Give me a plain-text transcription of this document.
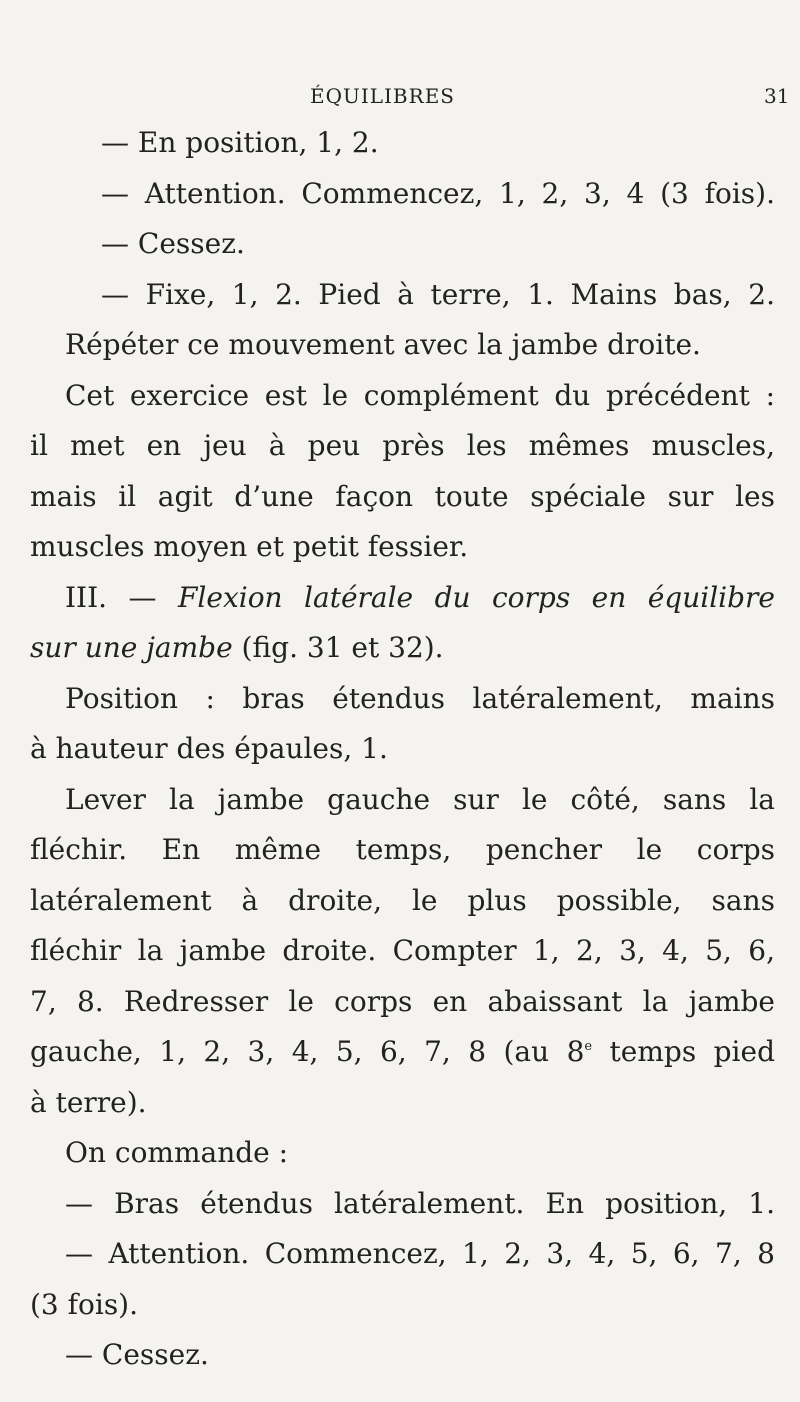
ÉQUILIBRES	31
— En position, 1, 2.
— Attention. Commencez, 1, 2, 3, 4 (3 fois).
— Cessez.
— Fixe, 1, 2. Pied à terre, 1. Mains bas, 2.
Répéter ce mouvement avec la jambe droite.
Cet exercice est le complément du précédent :
il met en jeu à peu près les mêmes muscles,
mais il agit d’une façon toute spéciale sur les
muscles moyen et petit fessier.
III. — Flexion latérale du corps en équilibre
sur une jambe (fig. 31 et 32).
Position : bras étendus latéralement, mains
à hauteur des épaules, 1.
Lever la jambe gauche sur le côté, sans la
fléchir. En même temps, pencher le corps
latéralement à droite, le plus possible, sans
fléchir la jambe droite. Compter 1, 2, 3, 4, 5, 6,
7, 8. Redresser le corps en abaissant la jambe
gauche, 1, 2, 3, 4, 5, 6, 7, 8 (au 8e temps pied
à terre).
On commande :
— Bras étendus latéralement. En position, 1.
— Attention. Commencez, 1, 2, 3, 4, 5, 6, 7, 8
(3 fois).
— Cessez.
